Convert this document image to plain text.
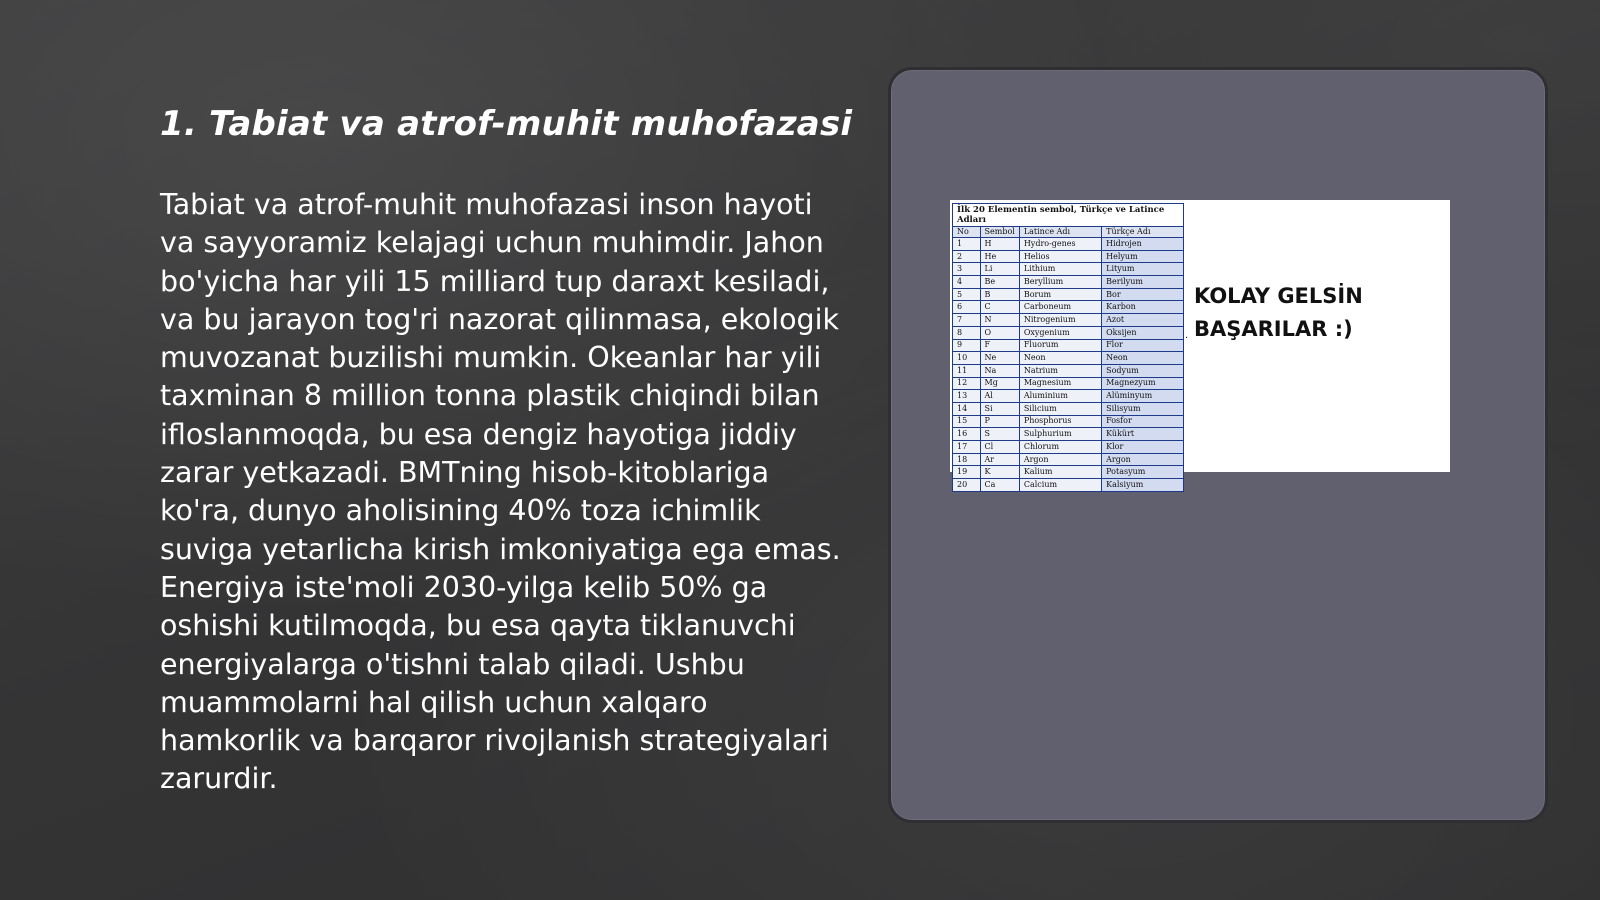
1. Tabiat va atrof-muhit muhofazasi

Tabiat va atrof-muhit muhofazasi inson hayoti va sayyoramiz kelajagi uchun muhimdir. Jahon bo'yicha har yili 15 milliard tup daraxt kesiladi, va bu jarayon tog'ri nazorat qilinmasa, ekologik muvozanat buzilishi mumkin. Okeanlar har yili taxminan 8 million tonna plastik chiqindi bilan ifloslanmoqda, bu esa dengiz hayotiga jiddiy zarar yetkazadi. BMTning hisob-kitoblariga ko'ra, dunyo aholisining 40% toza ichimlik suviga yetarlicha kirish imkoniyatiga ega emas. Energiya iste'moli 2030-yilga kelib 50% ga oshishi kutilmoqda, bu esa qayta tiklanuvchi energiyalarga o'tishni talab qiladi. Ushbu muammolarni hal qilish uchun xalqaro hamkorlik va barqaror rivojlanish strategiyalari zarurdir.

İlk 20 Elementin sembol, Türkçe ve Latince Adları
No	Sembol	Latince Adı	Türkçe Adı
1	H	Hydro-genes	Hidrojen
2	He	Helios	Helyum
3	Li	Lithium	Lityum
4	Be	Beryllium	Berilyum
5	B	Borum	Bor
6	C	Carboneum	Karbon
7	N	Nitrogenium	Azot
8	O	Oxygenium	Oksijen
9	F	Fluorum	Flor
10	Ne	Neon	Neon
11	Na	Natrium	Sodyum
12	Mg	Magnesium	Magnezyum
13	Al	Aluminium	Alüminyum
14	Si	Silicium	Silisyum
15	P	Phosphorus	Fosfor
16	S	Sulphurium	Kükürt
17	Cl	Chlorum	Klor
18	Ar	Argon	Argon
19	K	Kalium	Potasyum
20	Ca	Calcium	Kalsiyum
.
KOLAY GELSİN
BAŞARILAR :)
